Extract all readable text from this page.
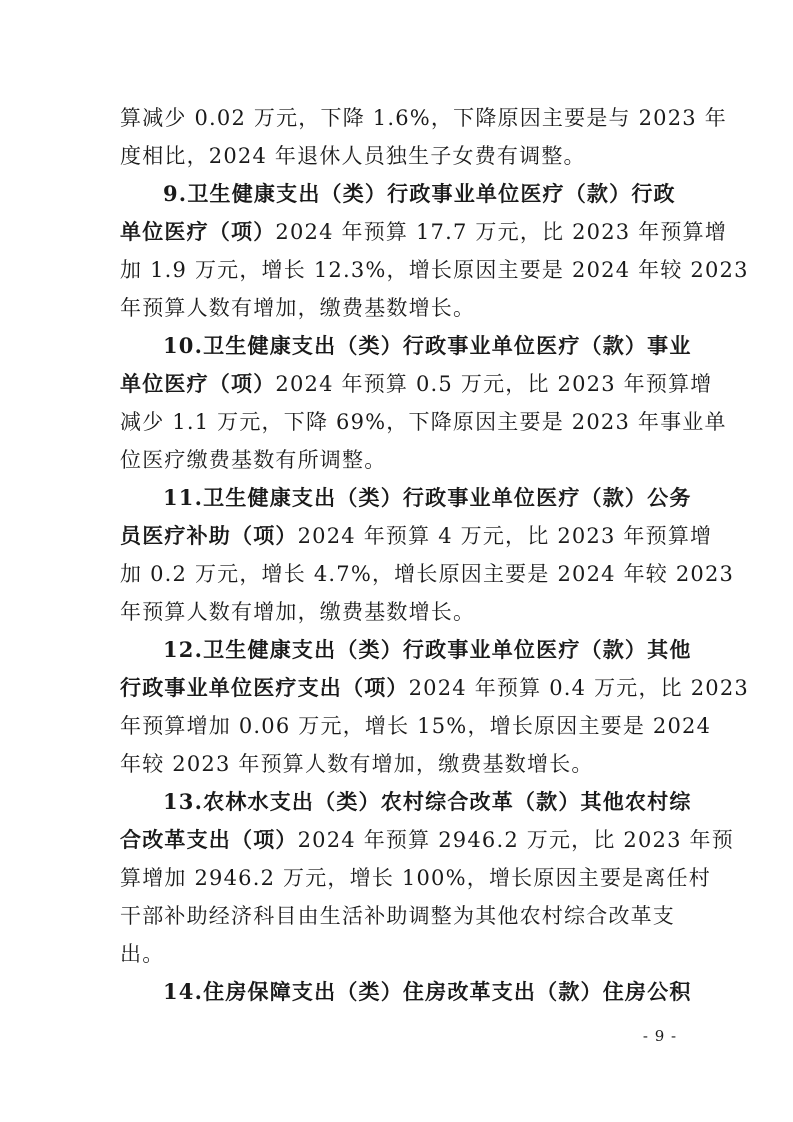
算减少 0.02 万元，下降 1.6%，下降原因主要是与 2023 年
度相比，2024 年退休人员独生子女费有调整。
9.卫生健康支出（类）行政事业单位医疗（款）行政
单位医疗（项）2024 年预算 17.7 万元，比 2023 年预算增
加 1.9 万元，增长 12.3%，增长原因主要是 2024 年较 2023
年预算人数有增加，缴费基数增长。
10.卫生健康支出（类）行政事业单位医疗（款）事业
单位医疗（项）2024 年预算 0.5 万元，比 2023 年预算增
减少 1.1 万元，下降 69%，下降原因主要是 2023 年事业单
位医疗缴费基数有所调整。
11.卫生健康支出（类）行政事业单位医疗（款）公务
员医疗补助（项）2024 年预算 4 万元，比 2023 年预算增
加 0.2 万元，增长 4.7%，增长原因主要是 2024 年较 2023
年预算人数有增加，缴费基数增长。
12.卫生健康支出（类）行政事业单位医疗（款）其他
行政事业单位医疗支出（项）2024 年预算 0.4 万元，比 2023
年预算增加 0.06 万元，增长 15%，增长原因主要是 2024
年较 2023 年预算人数有增加，缴费基数增长。
13.农林水支出（类）农村综合改革（款）其他农村综
合改革支出（项）2024 年预算 2946.2 万元，比 2023 年预
算增加 2946.2 万元，增长 100%，增长原因主要是离任村
干部补助经济科目由生活补助调整为其他农村综合改革支
出。
14.住房保障支出（类）住房改革支出（款）住房公积
- 9 -
